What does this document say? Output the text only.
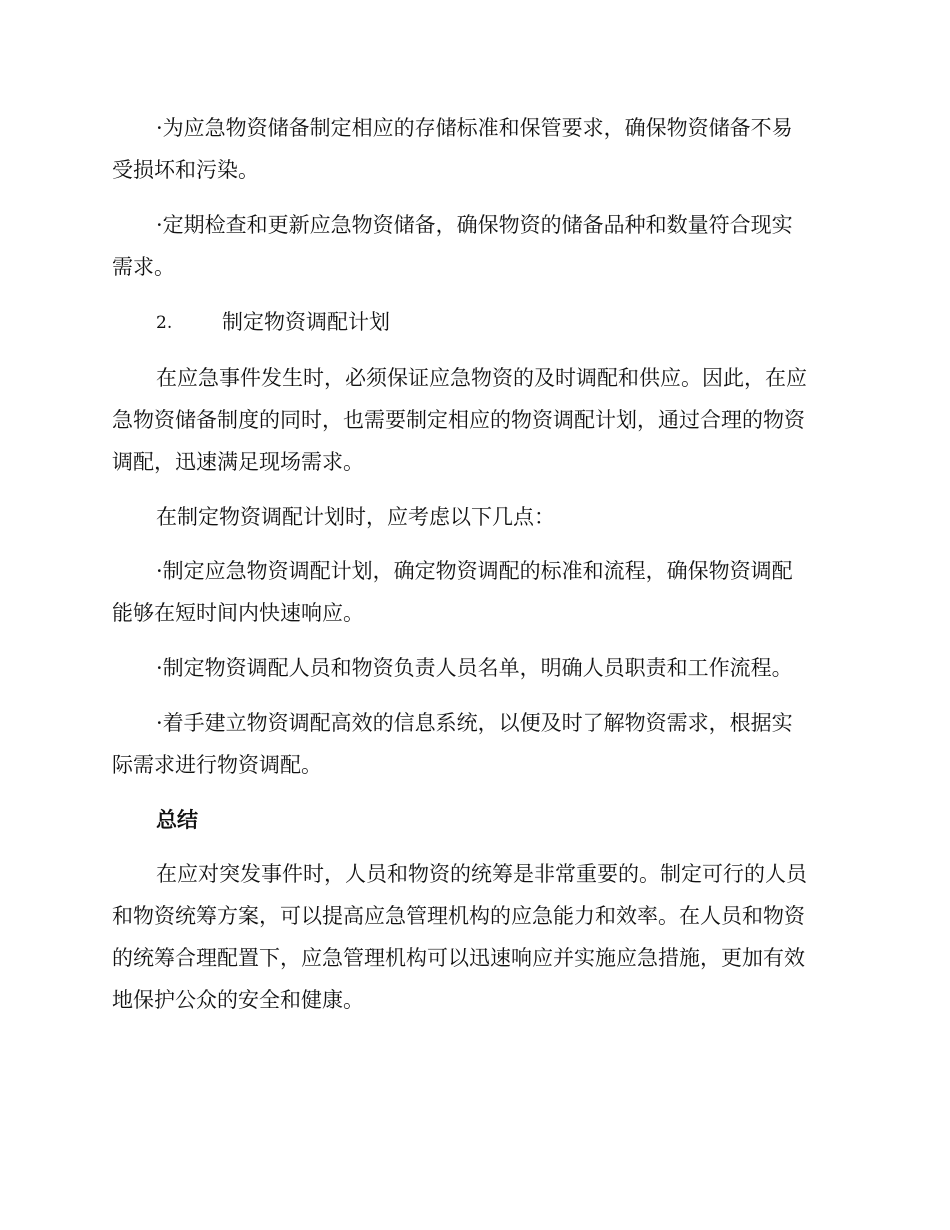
·为应急物资储备制定相应的存储标准和保管要求，确保物资储备不易
受损坏和污染。
·定期检查和更新应急物资储备，确保物资的储备品种和数量符合现实
需求。
2. 制定物资调配计划
在应急事件发生时，必须保证应急物资的及时调配和供应。因此，在应
急物资储备制度的同时，也需要制定相应的物资调配计划，通过合理的物资
调配，迅速满足现场需求。
在制定物资调配计划时，应考虑以下几点：
·制定应急物资调配计划，确定物资调配的标准和流程，确保物资调配
能够在短时间内快速响应。
·制定物资调配人员和物资负责人员名单，明确人员职责和工作流程。
·着手建立物资调配高效的信息系统，以便及时了解物资需求，根据实
际需求进行物资调配。
总结
在应对突发事件时，人员和物资的统筹是非常重要的。制定可行的人员
和物资统筹方案，可以提高应急管理机构的应急能力和效率。在人员和物资
的统筹合理配置下，应急管理机构可以迅速响应并实施应急措施，更加有效
地保护公众的安全和健康。
